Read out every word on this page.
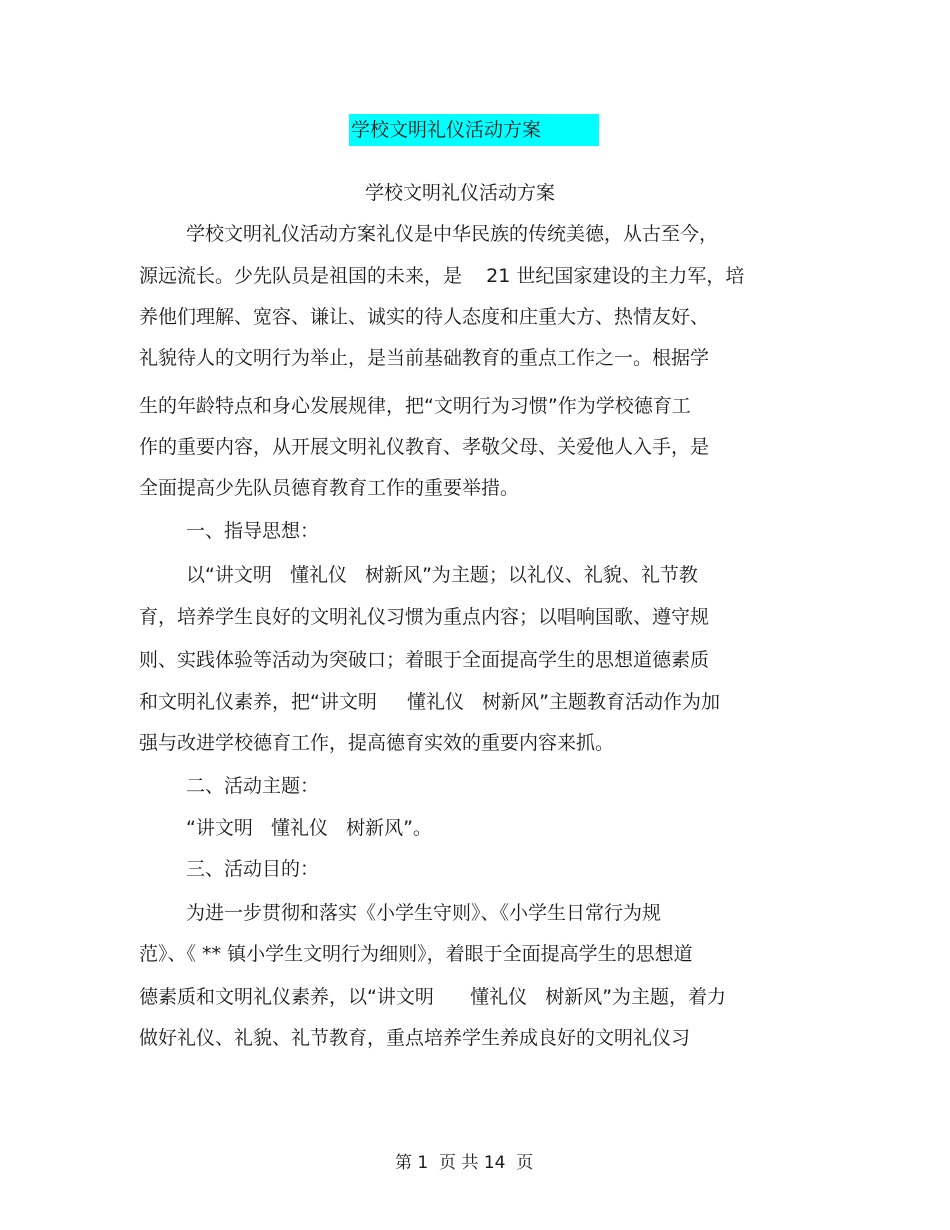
学校文明礼仪活动方案
学校文明礼仪活动方案
学校文明礼仪活动方案礼仪是中华民族的传统美德，从古至今，
源远流长。少先队员是祖国的未来，是    21 世纪国家建设的主力军，培
养他们理解、宽容、谦让、诚实的待人态度和庄重大方、热情友好、
礼貌待人的文明行为举止，是当前基础教育的重点工作之一。根据学
生的年龄特点和身心发展规律，把“文明行为习惯”作为学校德育工
作的重要内容，从开展文明礼仪教育、孝敬父母、关爱他人入手，是
全面提高少先队员德育教育工作的重要举措。
一、指导思想：
以“讲文明   懂礼仪   树新风”为主题；以礼仪、礼貌、礼节教
育，培养学生良好的文明礼仪习惯为重点内容；以唱响国歌、遵守规
则、实践体验等活动为突破口；着眼于全面提高学生的思想道德素质
和文明礼仪素养，把“讲文明     懂礼仪   树新风”主题教育活动作为加
强与改进学校德育工作，提高德育实效的重要内容来抓。
二、活动主题：
“讲文明   懂礼仪   树新风”。
三、活动目的：
为进一步贯彻和落实《小学生守则》、《小学生日常行为规
范》、《 ** 镇小学生文明行为细则》，着眼于全面提高学生的思想道
德素质和文明礼仪素养，以“讲文明      懂礼仪   树新风”为主题，着力
做好礼仪、礼貌、礼节教育，重点培养学生养成良好的文明礼仪习
第 1  页 共 14  页
